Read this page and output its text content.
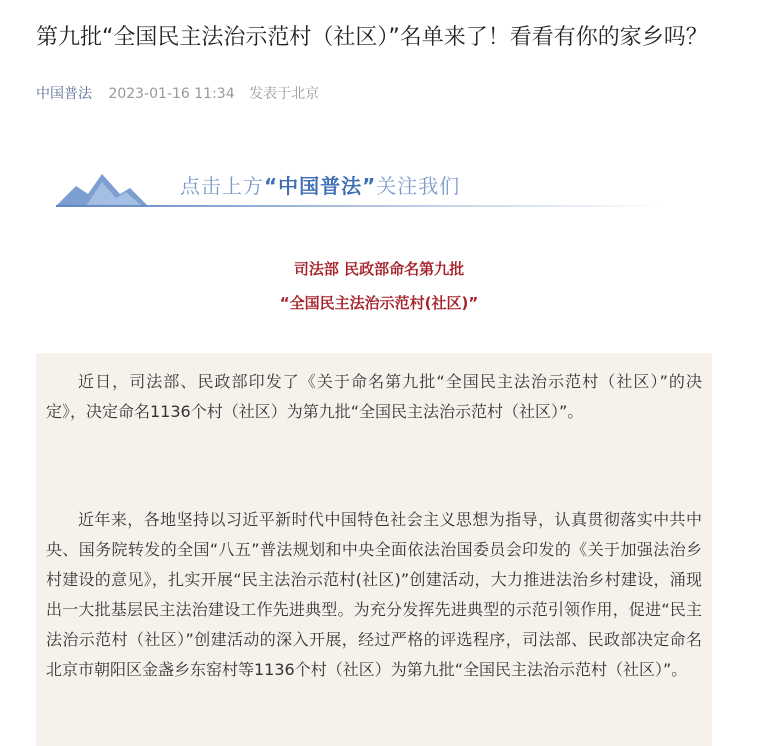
第九批“全国民主法治示范村（社区）”名单来了！看看有你的家乡吗？
中国普法 2023-01-16 11:34 发表于北京
点击上方“中国普法”关注我们
司法部 民政部命名第九批
“全国民主法治示范村(社区)”

近日，司法部、民政部印发了《关于命名第九批“全国民主法治示范村（社区）”的决定》，决定命名1136个村（社区）为第九批“全国民主法治示范村（社区）”。

近年来，各地坚持以习近平新时代中国特色社会主义思想为指导，认真贯彻落实中共中央、国务院转发的全国“八五”普法规划和中央全面依法治国委员会印发的《关于加强法治乡村建设的意见》，扎实开展“民主法治示范村(社区)”创建活动，大力推进法治乡村建设，涌现出一大批基层民主法治建设工作先进典型。为充分发挥先进典型的示范引领作用，促进“民主法治示范村（社区）”创建活动的深入开展，经过严格的评选程序，司法部、民政部决定命名北京市朝阳区金盏乡东窑村等1136个村（社区）为第九批“全国民主法治示范村（社区）”。
